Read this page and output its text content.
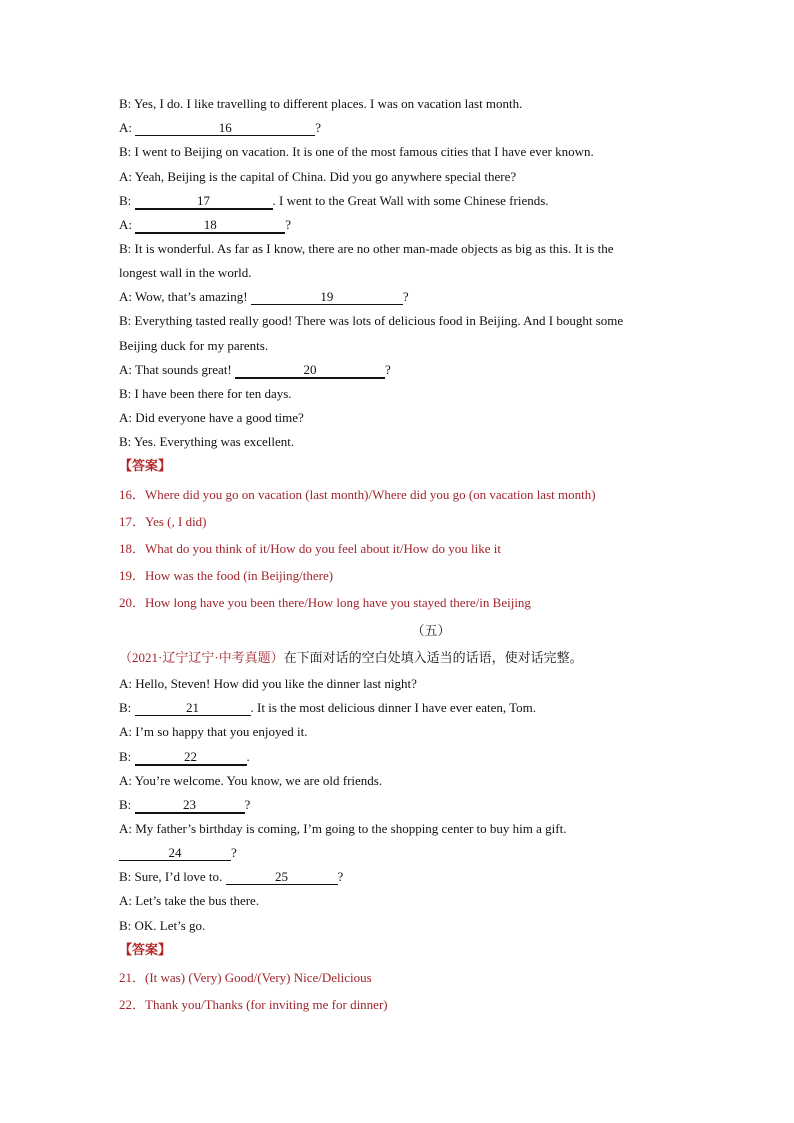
B: Yes, I do. I like travelling to different places. I was on vacation last month.
A:	16	?
B: I went to Beijing on vacation. It is one of the most famous cities that I have ever known.
A: Yeah, Beijing is the capital of China. Did you go anywhere special there?
B:	17	. I went to the Great Wall with some Chinese friends.
A:	18	?
B: It is wonderful. As far as I know, there are no other man-made objects as big as this. It is the
longest wall in the world.
A: Wow, that’s amazing!	19	?
B: Everything tasted really good! There was lots of delicious food in Beijing. And I bought some
Beijing duck for my parents.
A: That sounds great!	20	?
B: I have been there for ten days.
A: Did everyone have a good time?
B: Yes. Everything was excellent.
【答案】
16．Where did you go on vacation (last month)/Where did you go (on vacation last month)
17．Yes (, I did)
18．What do you think of it/How do you feel about it/How do you like it
19．How was the food (in Beijing/there)
20．How long have you been there/How long have you stayed there/in Beijing
（五）
（2021·辽宁辽宁·中考真题）在下面对话的空白处填入适当的话语，使对话完整。
A: Hello, Steven! How did you like the dinner last night?
B:	21	. It is the most delicious dinner I have ever eaten, Tom.
A: I’m so happy that you enjoyed it.
B:	22	.
A: You’re welcome. You know, we are old friends.
B:	23	?
A: My father’s birthday is coming, I’m going to the shopping center to buy him a gift.
24	?
B: Sure, I’d love to.	25	?
A: Let’s take the bus there.
B: OK. Let’s go.
【答案】
21．(It was) (Very) Good/(Very) Nice/Delicious
22．Thank you/Thanks (for inviting me for dinner)
